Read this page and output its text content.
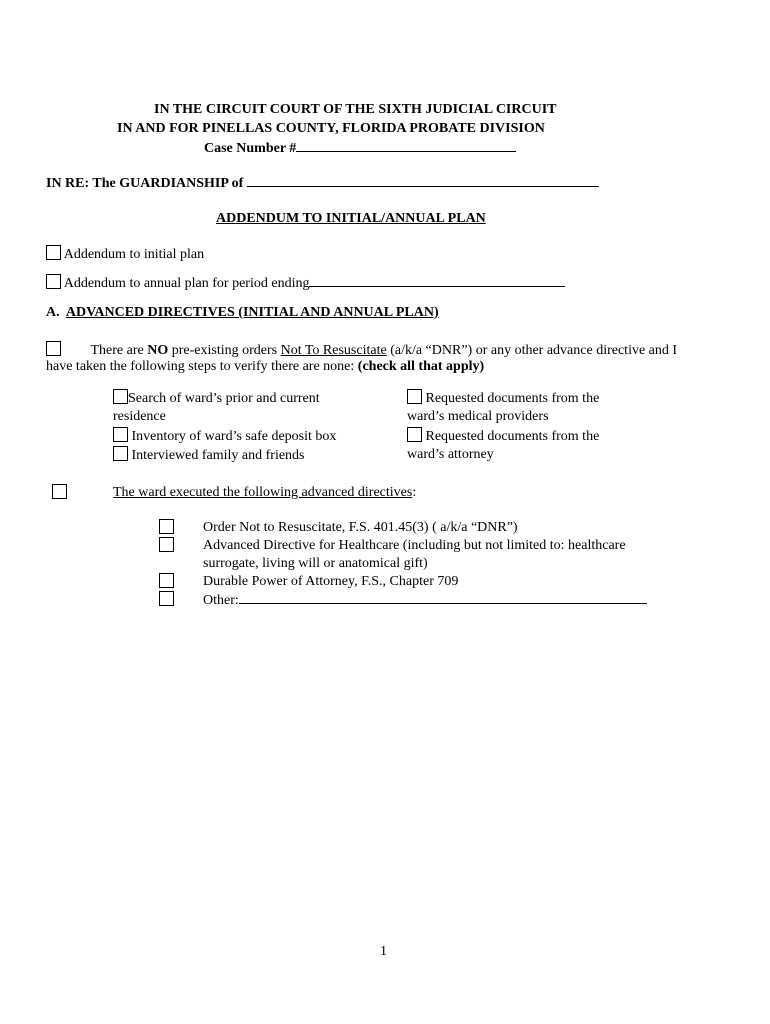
IN THE CIRCUIT COURT OF THE SIXTH JUDICIAL CIRCUIT
IN AND FOR PINELLAS COUNTY, FLORIDA PROBATE DIVISION
Case Number #
IN RE: The GUARDIANSHIP of
ADDENDUM TO INITIAL/ANNUAL PLAN
Addendum to initial plan
Addendum to annual plan for period ending
A. ADVANCED DIRECTIVES (INITIAL AND ANNUAL PLAN)
There are NO pre-existing orders Not To Resuscitate (a/k/a “DNR”) or any other advance directive and I
have taken the following steps to verify there are none: (check all that apply)
Search of ward’s prior and current
residence
Inventory of ward’s safe deposit box
Interviewed family and friends
Requested documents from the
ward’s medical providers
Requested documents from the
ward’s attorney
The ward executed the following advanced directives:
Order Not to Resuscitate, F.S. 401.45(3) ( a/k/a “DNR”)
Advanced Directive for Healthcare (including but not limited to: healthcare
surrogate, living will or anatomical gift)
Durable Power of Attorney, F.S., Chapter 709
Other:
1
